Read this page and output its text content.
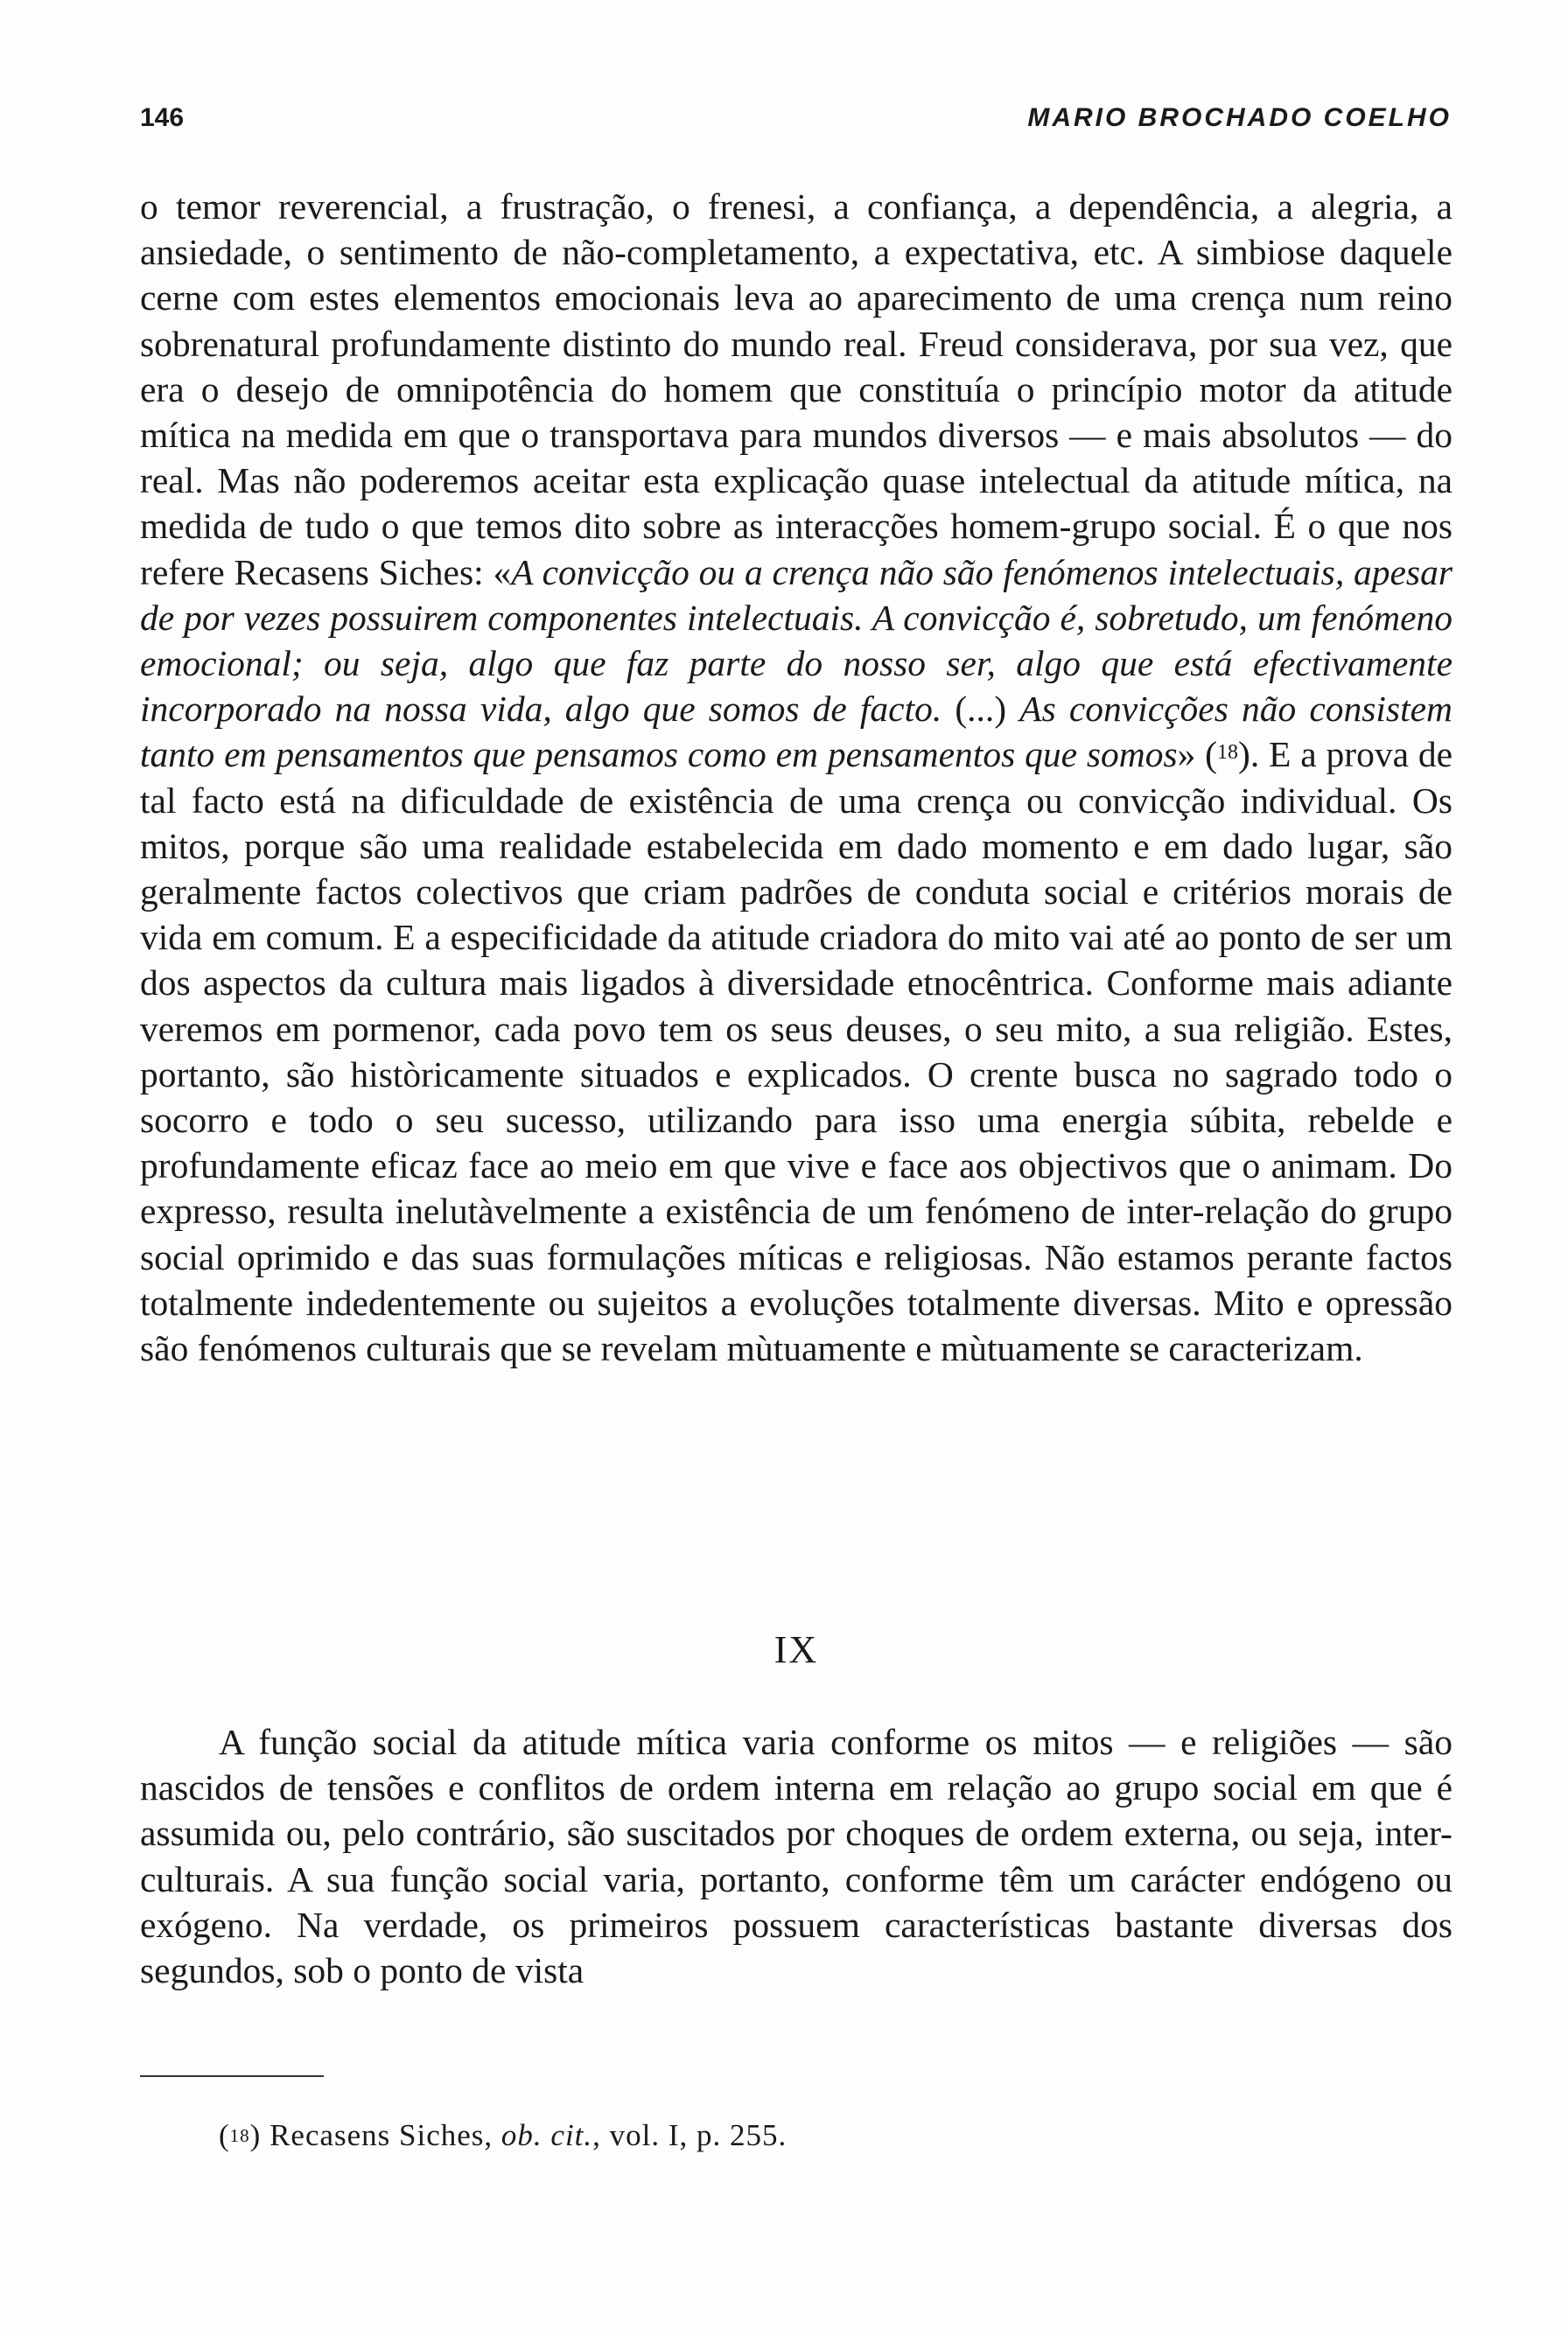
146	MARIO BROCHADO COELHO

o temor reverencial, a frustração, o frenesi, a confiança, a dependência, a alegria, a ansiedade, o sentimento de não-completamento, a expectativa, etc. A simbiose daquele cerne com estes elementos emocionais leva ao aparecimento de uma crença num reino sobrenatural profundamente distinto do mundo real. Freud considerava, por sua vez, que era o desejo de omnipotência do homem que constituía o princípio motor da atitude mítica na medida em que o transportava para mundos diversos — e mais absolutos — do real. Mas não poderemos aceitar esta explicação quase intelectual da atitude mítica, na medida de tudo o que temos dito sobre as interacções homem-grupo social. É o que nos refere Recasens Siches: «A convicção ou a crença não são fenómenos intelectuais, apesar de por vezes possuirem componentes intelectuais. A convicção é, sobretudo, um fenómeno emocional; ou seja, algo que faz parte do nosso ser, algo que está efectivamente incorporado na nossa vida, algo que somos de facto. (...) As convicções não consistem tanto em pensamentos que pensamos como em pensamentos que somos» ($^{18}$). E a prova de tal facto está na dificuldade de existência de uma crença ou convicção individual. Os mitos, porque são uma realidade estabelecida em dado momento e em dado lugar, são geralmente factos colectivos que criam padrões de conduta social e critérios morais de vida em comum. E a especificidade da atitude criadora do mito vai até ao ponto de ser um dos aspectos da cultura mais ligados à diversidade etnocêntrica. Conforme mais adiante veremos em pormenor, cada povo tem os seus deuses, o seu mito, a sua religião. Estes, portanto, são històricamente situados e explicados. O crente busca no sagrado todo o socorro e todo o seu sucesso, utilizando para isso uma energia súbita, rebelde e profundamente eficaz face ao meio em que vive e face aos objectivos que o animam. Do expresso, resulta inelutàvelmente a existência de um fenómeno de inter-relação do grupo social oprimido e das suas formulações míticas e religiosas. Não estamos perante factos totalmente indedentemente ou sujeitos a evoluções totalmente diversas. Mito e opressão são fenómenos culturais que se revelam mùtuamente e mùtuamente se caracterizam.

IX

A função social da atitude mítica varia conforme os mitos — e religiões — são nascidos de tensões e conflitos de ordem interna em relação ao grupo social em que é assumida ou, pelo contrário, são suscitados por choques de ordem externa, ou seja, inter-culturais. A sua função social varia, portanto, conforme têm um carácter endógeno ou exógeno. Na verdade, os primeiros possuem características bastante diversas dos segundos, sob o ponto de vista

($^{18}$) Recasens Siches, ob. cit., vol. I, p. 255.
